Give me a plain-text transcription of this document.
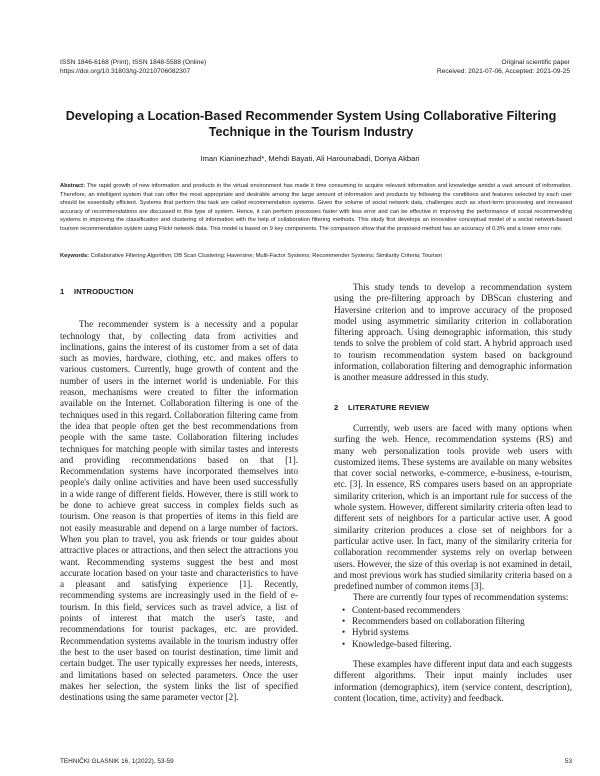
ISSN 1846-6168 (Print), ISSN 1848-5588 (Online)
https://doi.org/10.31803/tg-20210706082307
Original scientific paper
Received: 2021-07-06, Accepted: 2021-09-25
Developing a Location-Based Recommender System Using Collaborative Filtering Technique in the Tourism Industry
Iman Kianinezhad*, Mehdi Bayati, Ali Harounabadi, Donya Akbari
Abstract: The rapid growth of new information and products in the virtual environment has made it time consuming to acquire relevant information and knowledge amidst a vast amount of information. Therefore, an intelligent system that can offer the most appropriate and desirable among the large amount of information and products by following the conditions and features selected by each user should be essentially efficient. Systems that perform this task are called recommendation systems. Given the volume of social network data, challenges such as short-term processing and increased accuracy of recommendations are discussed in this type of system. Hence, it can perform processes faster with less error and can be effective in improving the performance of social recommending systems in improving the classification and clustering of information with the help of collaboration filtering methods. This study first develops an innovative conceptual model of a social network-based tourism recommendation system using Flickr network data. This model is based on 9 key components. The comparison show that the proposed method has an accuracy of 0.3% and a lower error rate.
Keywords: Collaborative Filtering Algorithm; DB Scan Clustering; Haversine; Multi-Factor Systems; Recommender Systems; Similarity Criteria; Tourism
1 INTRODUCTION

The recommender system is a necessity and a popular technology that, by collecting data from activities and inclinations, gains the interest of its customer from a set of data such as movies, hardware, clothing, etc. and makes offers to various customers. Currently, huge growth of content and the number of users in the internet world is undeniable. For this reason, mechanisms were created to filter the information available on the Internet. Collaboration filtering is one of the techniques used in this regard. Collaboration filtering came from the idea that people often get the best recommendations from people with the same taste. Collaboration filtering includes techniques for matching people with similar tastes and interests and providing recommendations based on that [1]. Recommendation systems have incorporated themselves into people's daily online activities and have been used successfully in a wide range of different fields. However, there is still work to be done to achieve great success in complex fields such as tourism. One reason is that properties of items in this field are not easily measurable and depend on a large number of factors. When you plan to travel, you ask friends or tour guides about attractive places or attractions, and then select the attractions you want. Recommending systems suggest the best and most accurate location based on your taste and characteristics to have a pleasant and satisfying experience [1]. Recently, recommending systems are increasingly used in the field of e-tourism. In this field, services such as travel advice, a list of points of interest that match the user's taste, and recommendations for tourist packages, etc. are provided. Recommendation systems available in the tourism industry offer the best to the user based on tourist destination, time limit and certain budget. The user typically expresses her needs, interests, and limitations based on selected parameters. Once the user makes her selection, the system links the list of specified destinations using the same parameter vector [2].

This study tends to develop a recommendation system using the pre-filtering approach by DBScan clustering and Haversine criterion and to improve accuracy of the proposed model using asymmetric similarity criterion in collaboration filtering approach. Using demographic information, this study tends to solve the problem of cold start. A hybrid approach used to tourism recommendation system based on background information, collaboration filtering and demographic information is another measure addressed in this study.

2 LITERATURE REVIEW

Currently, web users are faced with many options when surfing the web. Hence, recommendation systems (RS) and many web personalization tools provide web users with customized items. These systems are available on many websites that cover social networks, e-commerce, e-business, e-tourism, etc. [3]. In essence, RS compares users based on an appropriate similarity criterion, which is an important rule for success of the whole system. However, different similarity criteria often lead to different sets of neighbors for a particular active user. A good similarity criterion produces a close set of neighbors for a particular active user. In fact, many of the similarity criteria for collaboration recommender systems rely on overlap between users. However, the size of this overlap is not examined in detail, and most previous work has studied similarity criteria based on a predefined number of common items [3].

There are currently four types of recommendation systems:

• Content-based recommenders
• Recommenders based on collaboration filtering
• Hybrid systems
• Knowledge-based filtering.

These examples have different input data and each suggests different algorithms. Their input mainly includes user information (demographics), item (service content, description), content (location, time, activity) and feedback.

TEHNIČKI GLASNIK 16, 1(2022), 53-59	53
